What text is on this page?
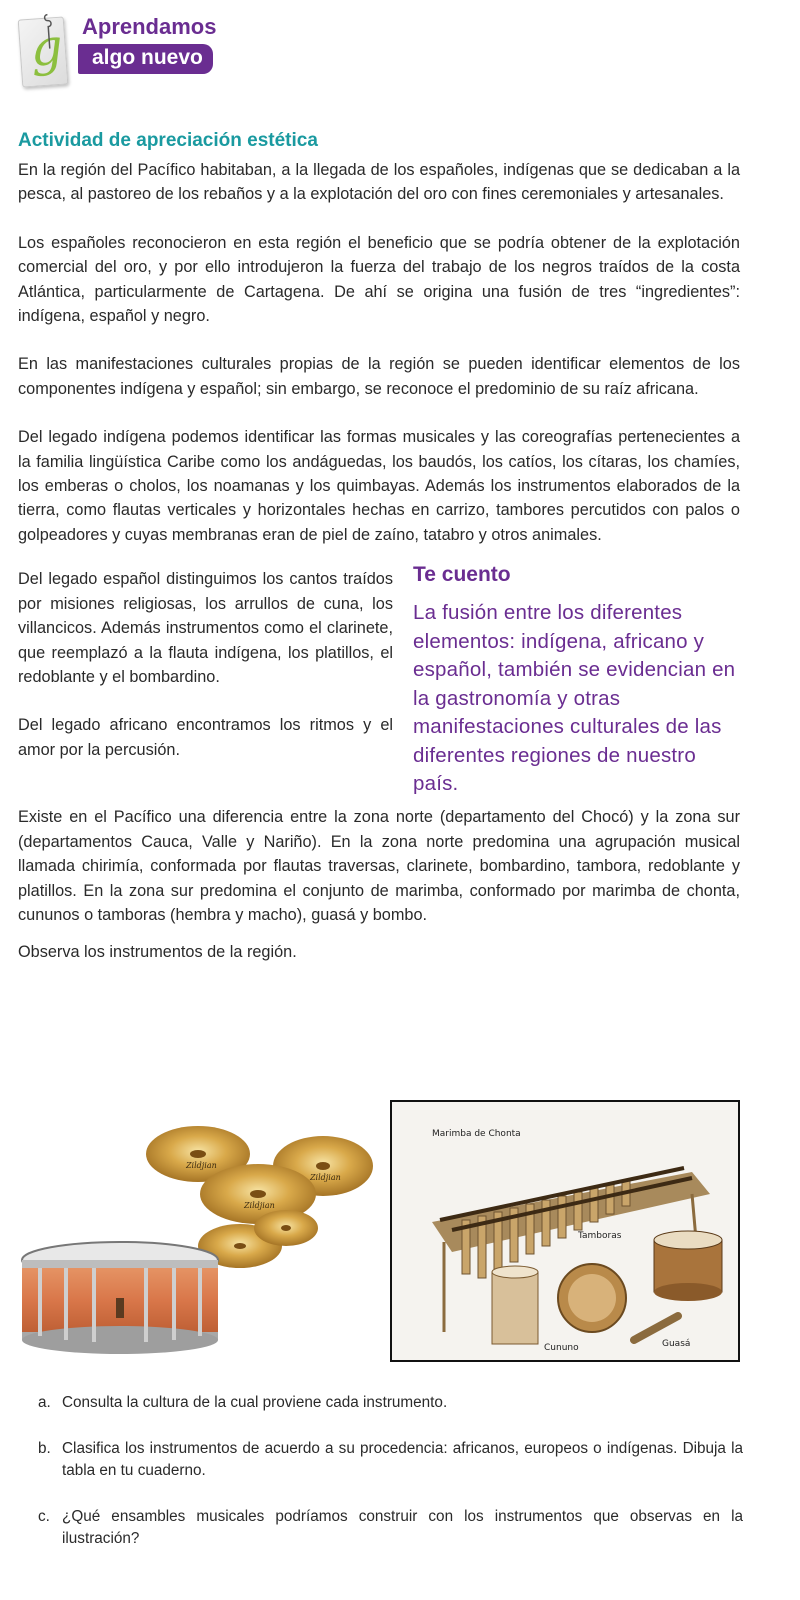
g Aprendamos
algo nuevo
Actividad de apreciación estética

En la región del Pacífico habitaban, a la llegada de los españoles, indígenas que se dedicaban a la pesca, al pastoreo de los rebaños y a la explotación del oro con fines ceremoniales y artesanales.

Los españoles reconocieron en esta región el beneficio que se podría obtener de la explotación comercial del oro, y por ello introdujeron la fuerza del trabajo de los negros traídos de la costa Atlántica, particularmente de Cartagena. De ahí se origina una fusión de tres “ingredientes”: indígena, español y negro.

En las manifestaciones culturales propias de la región se pueden identificar elementos de los componentes indígena y español; sin embargo, se reconoce el predominio de su raíz africana.

Del legado indígena podemos identificar las formas musicales y las coreografías pertenecientes a la familia lingüística Caribe como los andáguedas, los baudós, los catíos, los cítaras, los chamíes, los emberas o cholos, los noamanas y los quimbayas. Además los instrumentos elaborados de la tierra, como flautas verticales y horizontales hechas en carrizo, tambores percutidos con palos o golpeadores y cuyas membranas eran de piel de zaíno, tatabro y otros animales.

Del legado español distinguimos los cantos traídos por misiones religiosas, los arrullos de cuna, los villancicos. Además instrumentos como el clarinete, que reemplazó a la flauta indígena, los platillos, el redoblante y el bombardino.

Del legado africano encontramos los ritmos y el amor por la percusión.

Te cuento

La fusión entre los diferentes elementos: indígena, africano y español, también se evidencian en la gastronomía y otras manifestaciones culturales de las diferentes regiones de nuestro país.

Existe en el Pacífico una diferencia entre la zona norte (departamento del Chocó) y la zona sur (departamentos Cauca, Valle y Nariño). En la zona norte predomina una agrupación musical llamada chirimía, conformada por flautas traversas, clarinete, bombardino, tambora, redoblante y platillos. En la zona sur predomina el conjunto de marimba, conformado por marimba de chonta, cununos o tamboras (hembra y macho), guasá y bombo.

Observa los instrumentos de la región.

Zildjian
Zildjian
Zildjian
Marimba de Chonta
Tamboras
Cununo	Guasá
a. Consulta la cultura de la cual proviene cada instrumento.
b. Clasifica los instrumentos de acuerdo a su procedencia: africanos, europeos o indígenas. Dibuja la tabla en tu cuaderno.
c. ¿Qué ensambles musicales podríamos construir con los instrumentos que observas en la ilustración?
